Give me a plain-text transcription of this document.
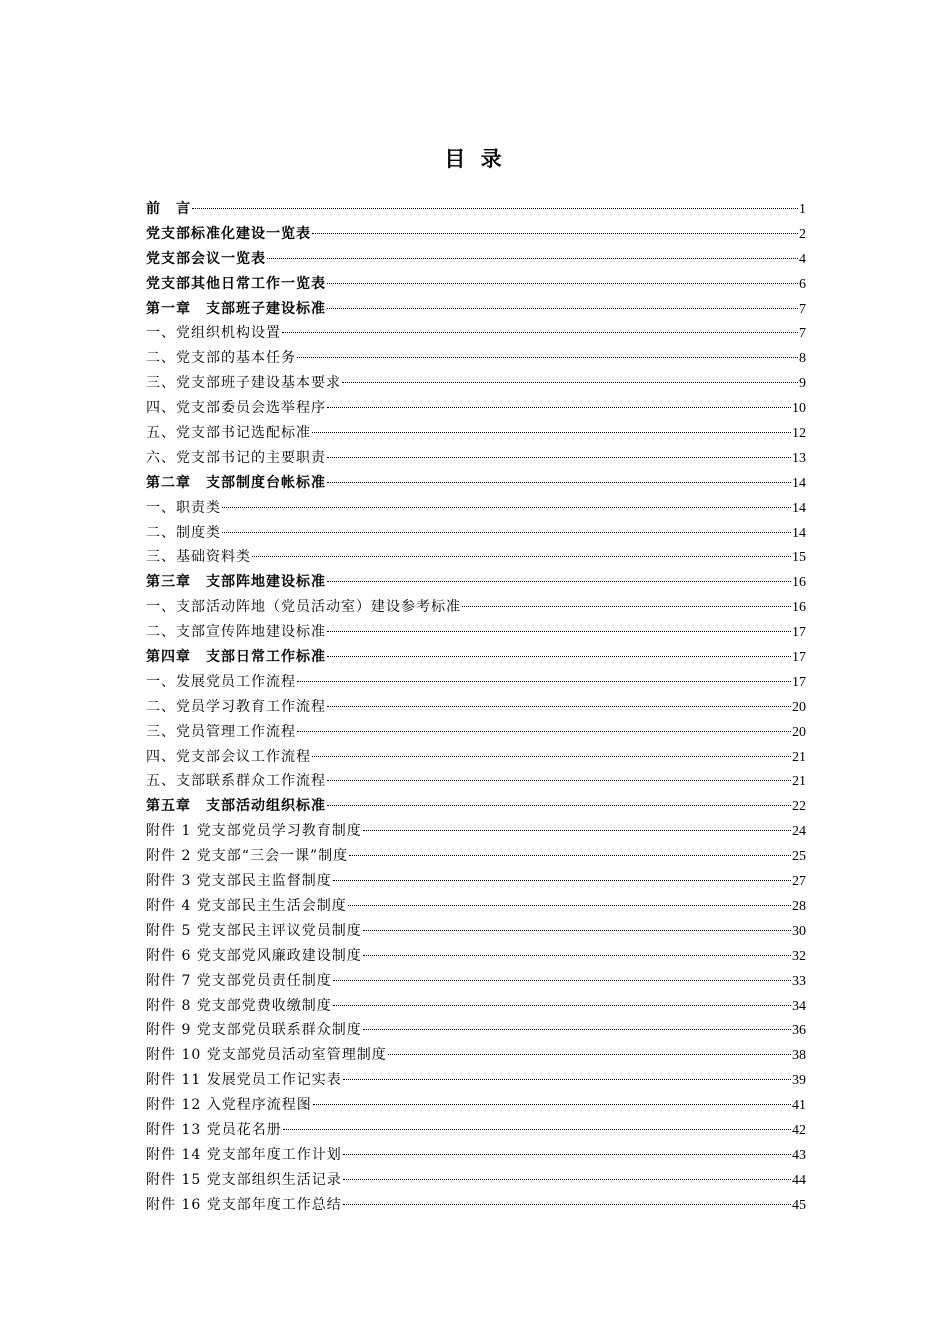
目 录
前　言	1
党支部标准化建设一览表	2
党支部会议一览表	4
党支部其他日常工作一览表	6
第一章　支部班子建设标准	7
一、党组织机构设置	7
二、党支部的基本任务	8
三、党支部班子建设基本要求	9
四、党支部委员会选举程序	10
五、党支部书记选配标准	12
六、党支部书记的主要职责	13
第二章　支部制度台帐标准	14
一、职责类	14
二、制度类	14
三、基础资料类	15
第三章　支部阵地建设标准	16
一、支部活动阵地（党员活动室）建设参考标准	16
二、支部宣传阵地建设标准	17
第四章　支部日常工作标准	17
一、发展党员工作流程	17
二、党员学习教育工作流程	20
三、党员管理工作流程	20
四、党支部会议工作流程	21
五、支部联系群众工作流程	21
第五章　支部活动组织标准	22
附件 1 党支部党员学习教育制度	24
附件 2 党支部“三会一课”制度	25
附件 3 党支部民主监督制度	27
附件 4 党支部民主生活会制度	28
附件 5 党支部民主评议党员制度	30
附件 6 党支部党风廉政建设制度	32
附件 7 党支部党员责任制度	33
附件 8 党支部党费收缴制度	34
附件 9 党支部党员联系群众制度	36
附件 10 党支部党员活动室管理制度	38
附件 11 发展党员工作记实表	39
附件 12 入党程序流程图	41
附件 13 党员花名册	42
附件 14 党支部年度工作计划	43
附件 15 党支部组织生活记录	44
附件 16 党支部年度工作总结	45
